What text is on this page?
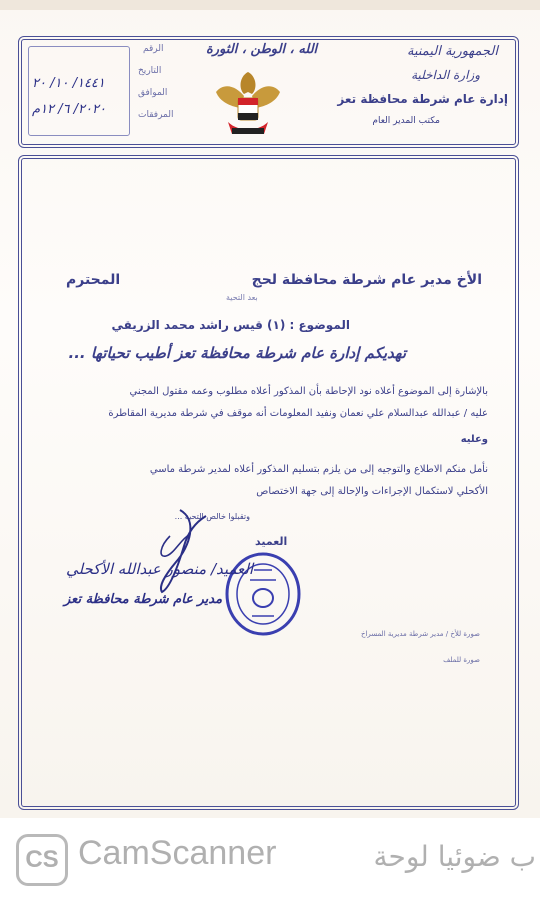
الجمهورية اليمنية
وزارة الداخلية
إدارة عام شرطة محافظة تعز
مكتب المدير العام
الله ، الوطن ، الثورة
الرقم
التاريخ
الموافق
المرفقات
١٤٤١/ ١٠/ ٢٠
٢٠٢٠/ ٦/ ١٢م
الأخ مدير عام شرطة محافظة لحج
المحترم
بعد التحية
الموضوع : (١) قيس راشد محمد الزريقي
تهديكم إدارة عام شرطة محافظة تعز أطيب تحياتها ...
بالإشارة إلى الموضوع أعلاه نود الإحاطة بأن المذكور أعلاه مطلوب وعمه مقتول المجني
عليه / عبدالله عبدالسلام علي نعمان ونفيد المعلومات أنه موقف في شرطة مديرية المقاطرة
وعليه
نأمل منكم الاطلاع والتوجيه إلى من يلزم بتسليم المذكور أعلاه لمدير شرطة ماسي
الأكحلي لاستكمال الإجراءات والإحالة إلى جهة الاختصاص
وتقبلوا خالص التحية ...
العميد
العميد/ منصور عبدالله الأكحلي
مدير عام شرطة محافظة تعز
صورة للأخ / مدير شرطة مديرية المسراخ
صورة للملف
CS CamScanner	ب ضوئيا لوحة
